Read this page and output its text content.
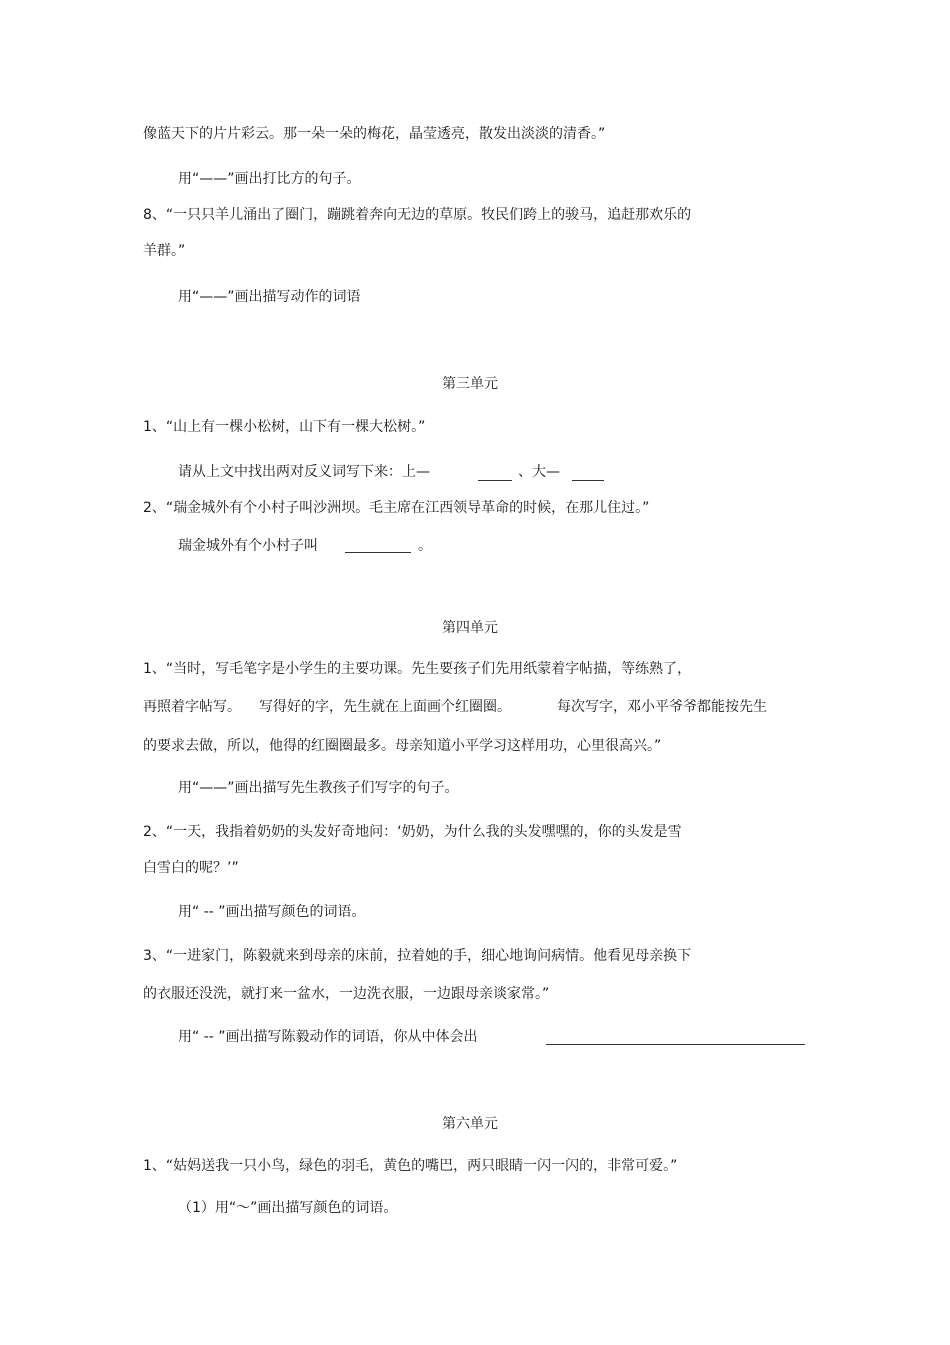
像蓝天下的片片彩云。那一朵一朵的梅花，晶莹透亮，散发出淡淡的清香。”
用“——”画出打比方的句子。
8、“一只只羊儿涌出了圈门，蹦跳着奔向无边的草原。牧民们跨上的骏马，追赶那欢乐的
羊群。”
用“——”画出描写动作的词语
第三单元
1、“山上有一棵小松树，山下有一棵大松树。”
请从上文中找出两对反义词写下来：上—	、大—
2、“瑞金城外有个小村子叫沙洲坝。毛主席在江西领导革命的时候，在那儿住过。”
瑞金城外有个小村子叫	。
第四单元
1、“当时，写毛笔字是小学生的主要功课。先生要孩子们先用纸蒙着字帖描，等练熟了，
再照着字帖写。 写得好的字，先生就在上面画个红圈圈。	每次写字，邓小平爷爷都能按先生
的要求去做，所以，他得的红圈圈最多。母亲知道小平学习这样用功，心里很高兴。”
用“——”画出描写先生教孩子们写字的句子。
2、“一天，我指着奶奶的头发好奇地问：‘奶奶，为什么我的头发嘿嘿的，你的头发是雪
白雪白的呢？’”
用“ -- ”画出描写颜色的词语。
3、“一进家门，陈毅就来到母亲的床前，拉着她的手，细心地询问病情。他看见母亲换下
的衣服还没洗，就打来一盆水，一边洗衣服，一边跟母亲谈家常。”
用“ -- ”画出描写陈毅动作的词语，你从中体会出
第六单元
1、“姑妈送我一只小鸟，绿色的羽毛，黄色的嘴巴，两只眼睛一闪一闪的，非常可爱。”
（1）用“～”画出描写颜色的词语。
